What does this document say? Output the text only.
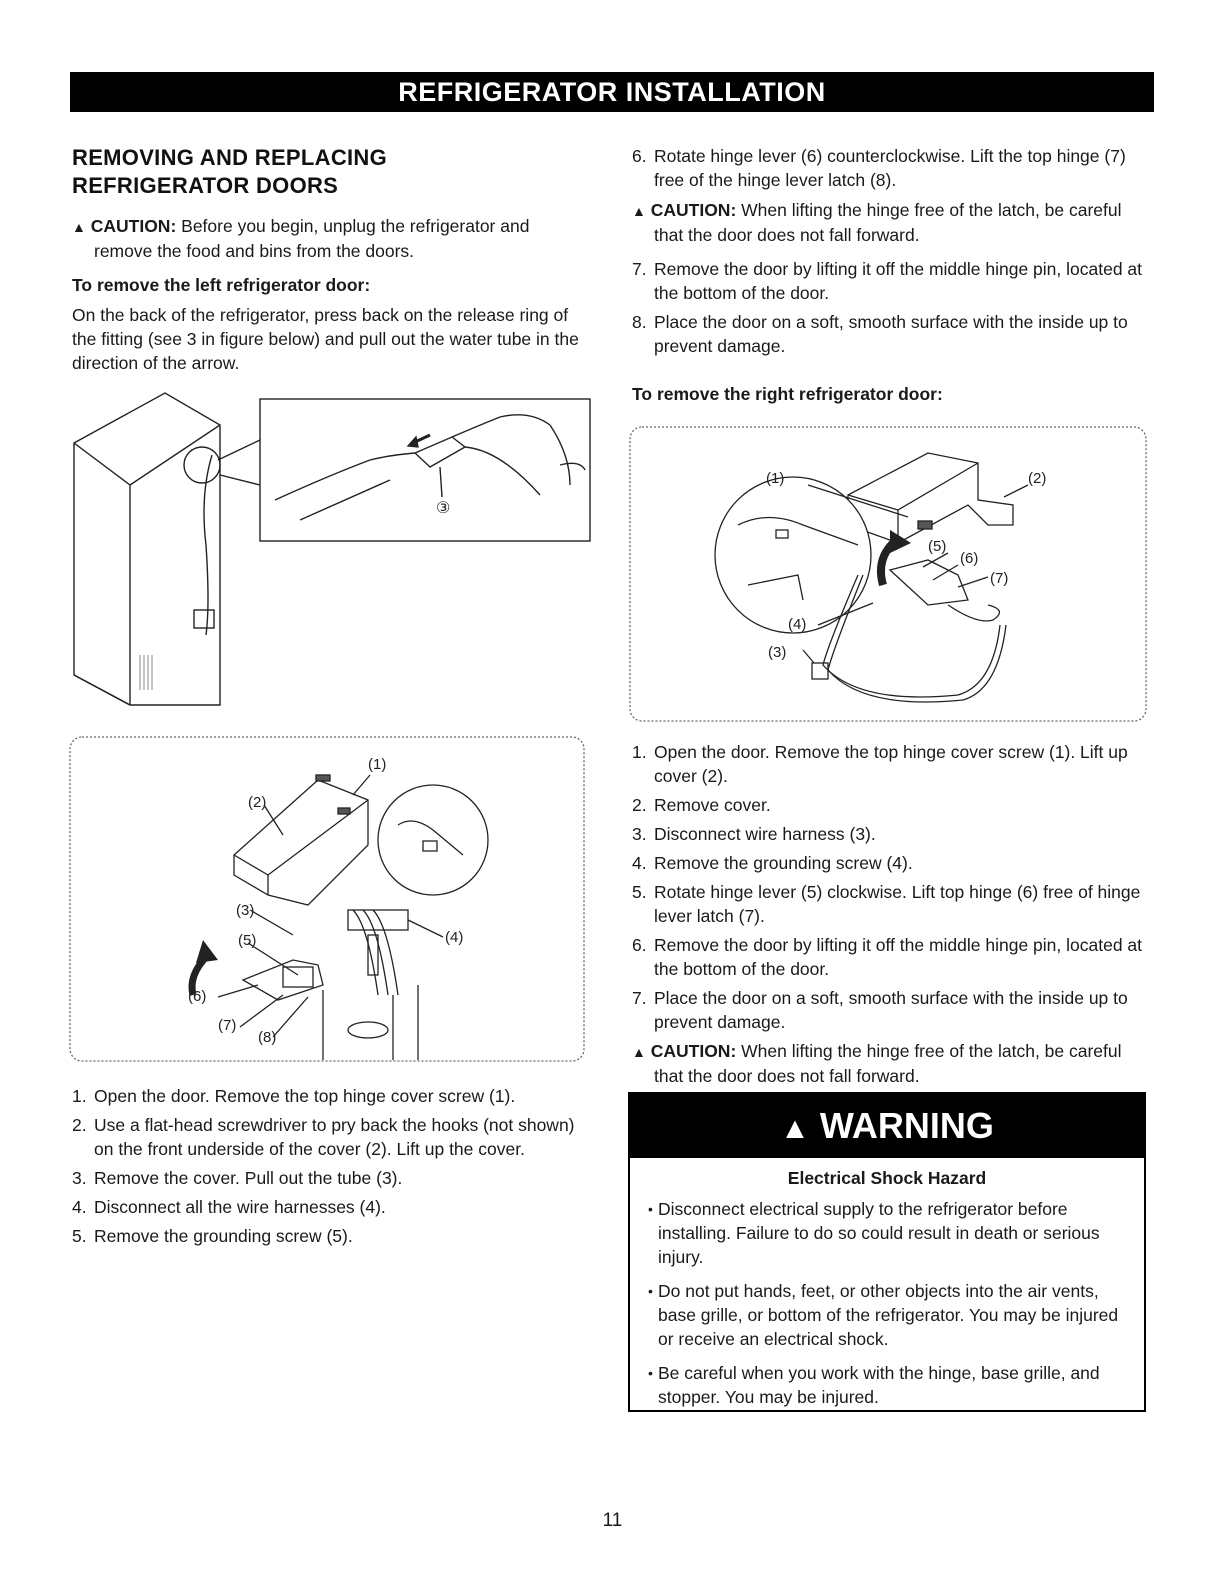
REFRIGERATOR INSTALLATION
REMOVING AND REPLACING
REFRIGERATOR DOORS

▲ CAUTION: Before you begin, unplug the refrigerator and remove the food and bins from the doors.

To remove the left refrigerator door:

On the back of the refrigerator, press back on the release ring of the fitting (see 3 in figure below) and pull out the water tube in the direction of the arrow.

③
(2)
(1)
(3)
(5)	(4)
(6)
(7)
(8)
1. Open the door. Remove the top hinge cover screw (1).
2. Use a flat-head screwdriver to pry back the hooks (not shown) on the front underside of the cover (2). Lift up the cover.
3. Remove the cover. Pull out the tube (3).
4. Disconnect all the wire harnesses (4).
5. Remove the grounding screw (5).
6. Rotate hinge lever (6) counterclockwise. Lift the top hinge (7) free of the hinge lever latch (8).

▲ CAUTION: When lifting the hinge free of the latch, be careful that the door does not fall forward.

7. Remove the door by lifting it off the middle hinge pin, located at the bottom of the door.
8. Place the door on a soft, smooth surface with the inside up to prevent damage.
To remove the right refrigerator door:
(1)	(2)
(5)
(6)
(7)
(4)
(3)
1. Open the door. Remove the top hinge cover screw (1). Lift up cover (2).
2. Remove cover.
3. Disconnect wire harness (3).
4. Remove the grounding screw (4).
5. Rotate hinge lever (5) clockwise. Lift top hinge (6) free of hinge lever latch (7).
6. Remove the door by lifting it off the middle hinge pin, located at the bottom of the door.
7. Place the door on a soft, smooth surface with the inside up to prevent damage.

▲ CAUTION: When lifting the hinge free of the latch, be careful that the door does not fall forward.

▲ WARNING
Electrical Shock Hazard
• Disconnect electrical supply to the refrigerator before installing. Failure to do so could result in death or serious injury.
• Do not put hands, feet, or other objects into the air vents, base grille, or bottom of the refrigerator. You may be injured or receive an electrical shock.
• Be careful when you work with the hinge, base grille, and stopper. You may be injured.
11
